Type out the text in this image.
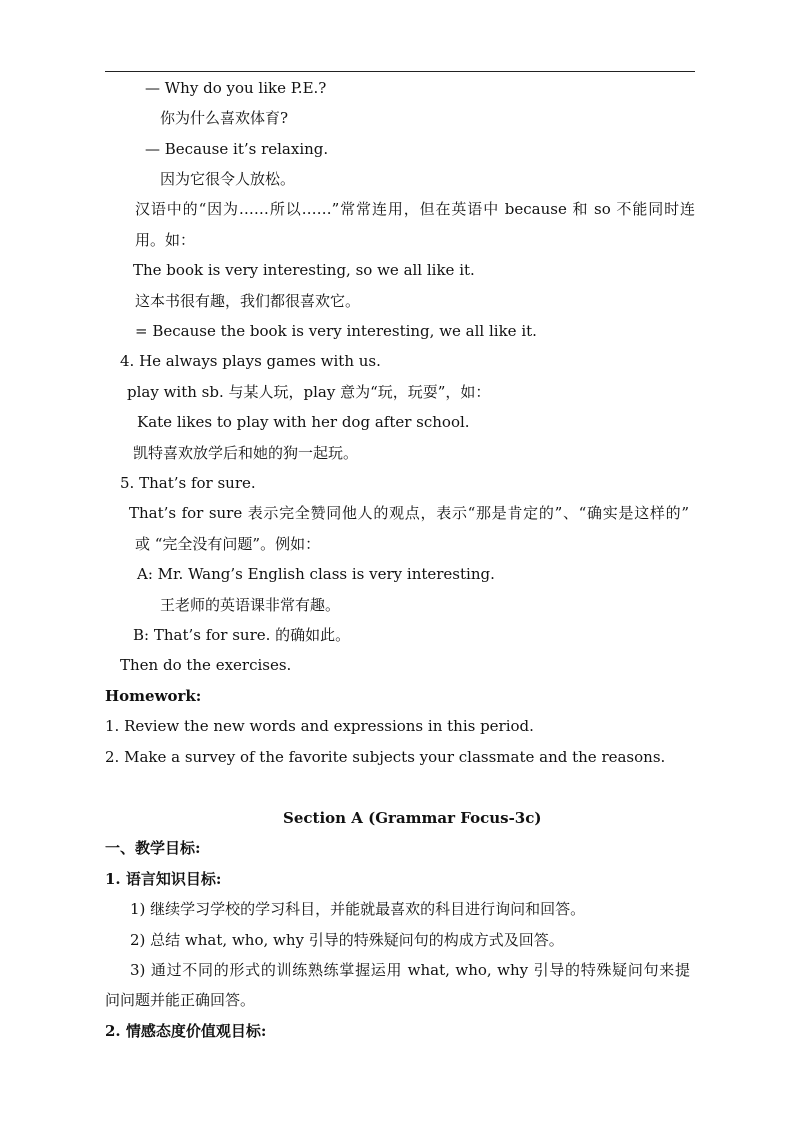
— Why do you like P.E.?
你为什么喜欢体育?
— Because it’s relaxing.
因为它很令人放松。
汉语中的“因为……所以……”常常连用，但在英语中 because 和 so 不能同时连
用。如：
The book is very interesting, so we all like it.
这本书很有趣，我们都很喜欢它。
= Because the book is very interesting, we all like it.
4. He always plays games with us.
play with sb. 与某人玩，play 意为“玩，玩耍”，如：
Kate likes to play with her dog after school.
凯特喜欢放学后和她的狗一起玩。
5. That’s for sure.
That’s for sure 表示完全赞同他人的观点，表示“那是肯定的”、“确实是这样的”
或 “完全没有问题”。例如：
A: Mr. Wang’s English class is very interesting.
王老师的英语课非常有趣。
B: That’s for sure. 的确如此。
Then do the exercises.
Homework:
1. Review the new words and expressions in this period.
2. Make a survey of the favorite subjects your classmate and the reasons.
Section A (Grammar Focus-3c)
一、教学目标:
1. 语言知识目标:
1) 继续学习学校的学习科目，并能就最喜欢的科目进行询问和回答。
2) 总结 what, who, why 引导的特殊疑问句的构成方式及回答。
3) 通过不同的形式的训练熟练掌握运用 what, who, why 引导的特殊疑问句来提
问问题并能正确回答。
2. 情感态度价值观目标:
